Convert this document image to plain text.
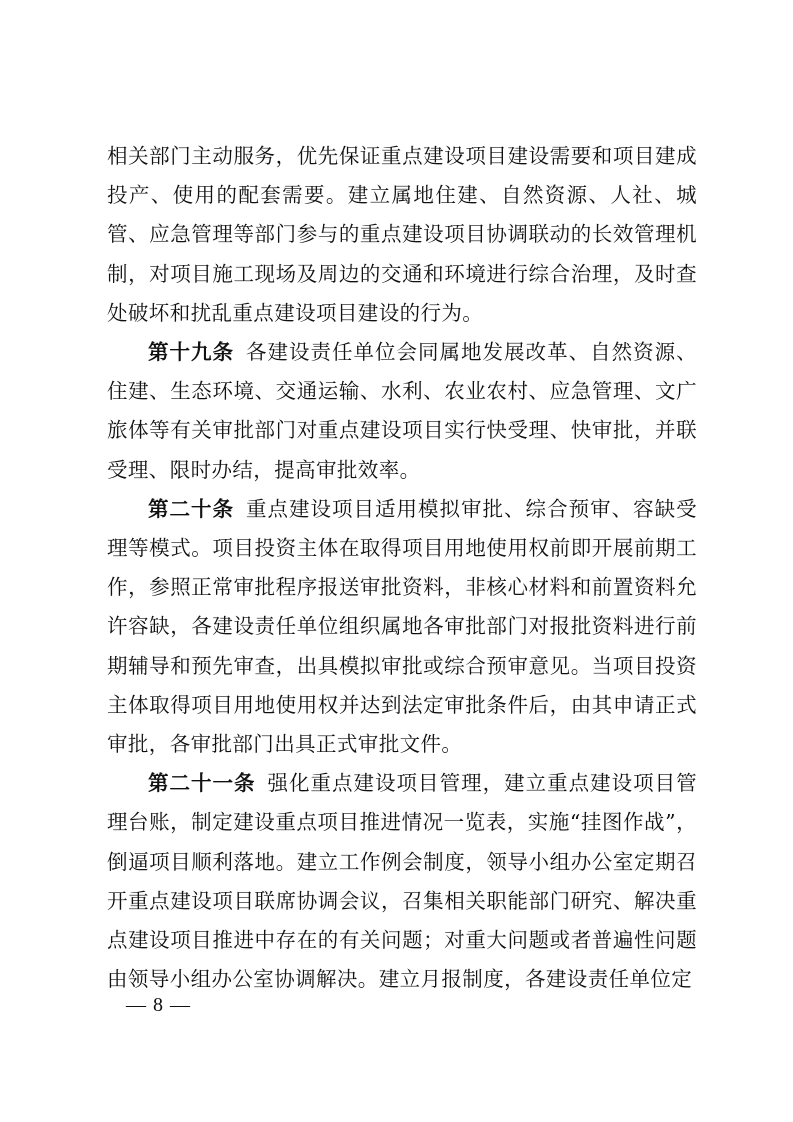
相关部门主动服务，优先保证重点建设项目建设需要和项目建成投产、使用的配套需要。建立属地住建、自然资源、人社、城管、应急管理等部门参与的重点建设项目协调联动的长效管理机制，对项目施工现场及周边的交通和环境进行综合治理，及时查处破坏和扰乱重点建设项目建设的行为。

第十九条 各建设责任单位会同属地发展改革、自然资源、住建、生态环境、交通运输、水利、农业农村、应急管理、文广旅体等有关审批部门对重点建设项目实行快受理、快审批，并联受理、限时办结，提高审批效率。

第二十条 重点建设项目适用模拟审批、综合预审、容缺受理等模式。项目投资主体在取得项目用地使用权前即开展前期工作，参照正常审批程序报送审批资料，非核心材料和前置资料允许容缺，各建设责任单位组织属地各审批部门对报批资料进行前期辅导和预先审查，出具模拟审批或综合预审意见。当项目投资主体取得项目用地使用权并达到法定审批条件后，由其申请正式审批，各审批部门出具正式审批文件。

第二十一条 强化重点建设项目管理，建立重点建设项目管理台账，制定建设重点项目推进情况一览表，实施“挂图作战”，倒逼项目顺利落地。建立工作例会制度，领导小组办公室定期召开重点建设项目联席协调会议，召集相关职能部门研究、解决重点建设项目推进中存在的有关问题；对重大问题或者普遍性问题由领导小组办公室协调解决。建立月报制度，各建设责任单位定

— 8 —
